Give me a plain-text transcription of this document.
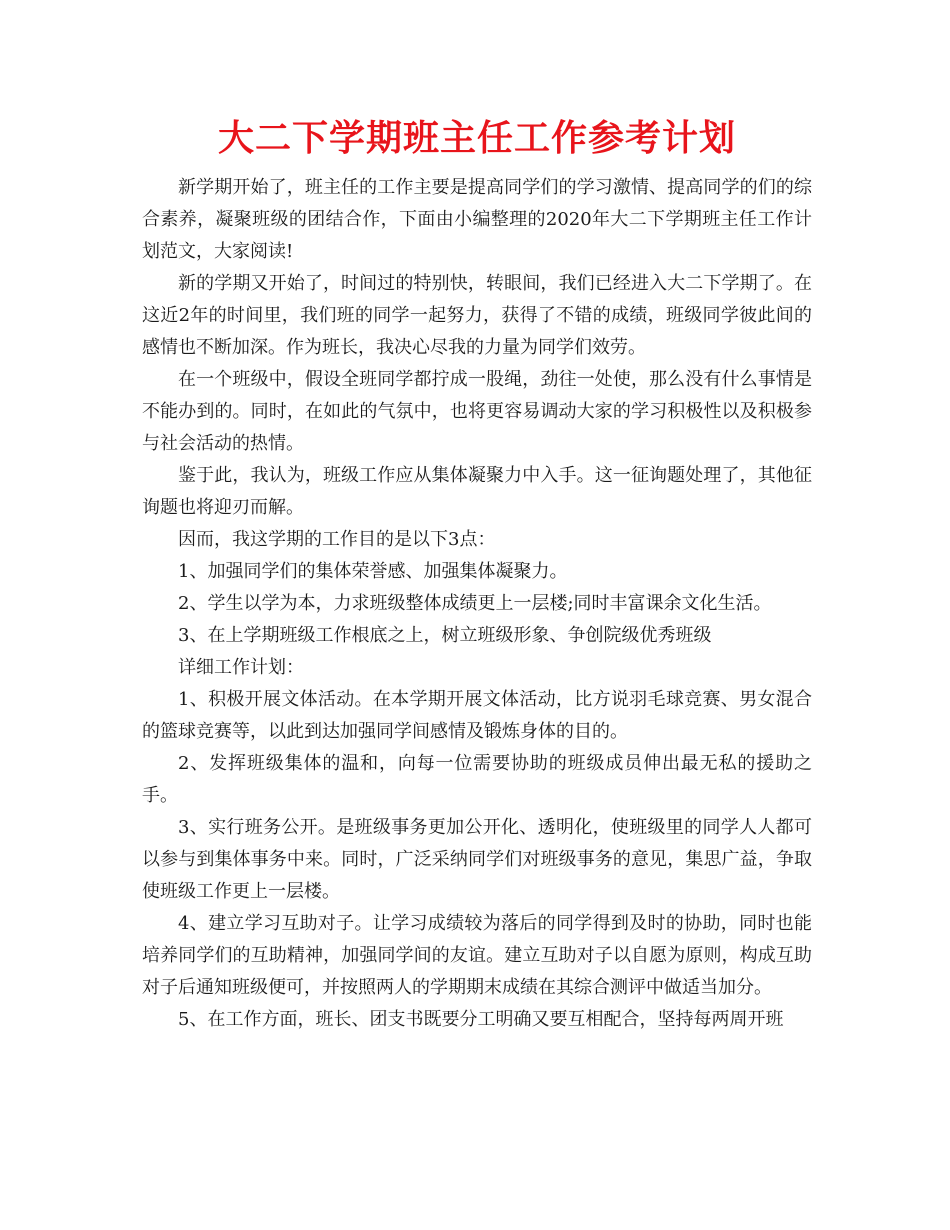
大二下学期班主任工作参考计划

新学期开始了，班主任的工作主要是提高同学们的学习激情、提高同学的们的综合素养，凝聚班级的团结合作，下面由小编整理的2020年大二下学期班主任工作计划范文，大家阅读!

新的学期又开始了，时间过的特别快，转眼间，我们已经进入大二下学期了。在这近2年的时间里，我们班的同学一起努力，获得了不错的成绩，班级同学彼此间的感情也不断加深。作为班长，我决心尽我的力量为同学们效劳。

在一个班级中，假设全班同学都拧成一股绳，劲往一处使，那么没有什么事情是不能办到的。同时，在如此的气氛中，也将更容易调动大家的学习积极性以及积极参与社会活动的热情。

鉴于此，我认为，班级工作应从集体凝聚力中入手。这一征询题处理了，其他征询题也将迎刃而解。

因而，我这学期的工作目的是以下3点：

1、加强同学们的集体荣誉感、加强集体凝聚力。

2、学生以学为本，力求班级整体成绩更上一层楼;同时丰富课余文化生活。

3、在上学期班级工作根底之上，树立班级形象、争创院级优秀班级

详细工作计划：

1、积极开展文体活动。在本学期开展文体活动，比方说羽毛球竞赛、男女混合的篮球竞赛等，以此到达加强同学间感情及锻炼身体的目的。

2、发挥班级集体的温和，向每一位需要协助的班级成员伸出最无私的援助之手。

3、实行班务公开。是班级事务更加公开化、透明化，使班级里的同学人人都可以参与到集体事务中来。同时，广泛采纳同学们对班级事务的意见，集思广益，争取使班级工作更上一层楼。

4、建立学习互助对子。让学习成绩较为落后的同学得到及时的协助，同时也能培养同学们的互助精神，加强同学间的友谊。建立互助对子以自愿为原则，构成互助对子后通知班级便可，并按照两人的学期期末成绩在其综合测评中做适当加分。

5、在工作方面，班长、团支书既要分工明确又要互相配合，坚持每两周开班
